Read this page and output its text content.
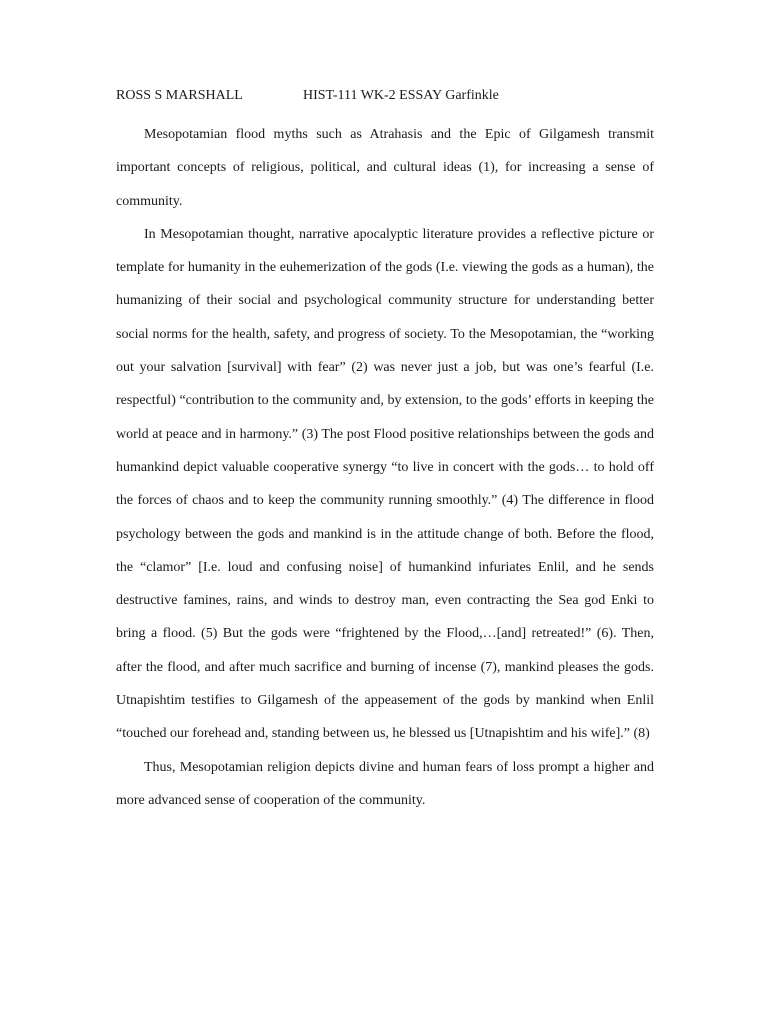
ROSS S MARSHALL	HIST-111 WK-2 ESSAY Garfinkle

Mesopotamian flood myths such as Atrahasis and the Epic of Gilgamesh transmit important concepts of religious, political, and cultural ideas (1), for increasing a sense of community.

In Mesopotamian thought, narrative apocalyptic literature provides a reflective picture or template for humanity in the euhemerization of the gods (I.e. viewing the gods as a human), the humanizing of their social and psychological community structure for understanding better social norms for the health, safety, and progress of society. To the Mesopotamian, the “working out your salvation [survival] with fear” (2) was never just a job, but was one’s fearful (I.e. respectful) “contribution to the community and, by extension, to the gods’ efforts in keeping the world at peace and in harmony.” (3) The post Flood positive relationships between the gods and humankind depict valuable cooperative synergy “to live in concert with the gods… to hold off the forces of chaos and to keep the community running smoothly.” (4) The difference in flood psychology between the gods and mankind is in the attitude change of both. Before the flood, the “clamor” [I.e. loud and confusing noise] of humankind infuriates Enlil, and he sends destructive famines, rains, and winds to destroy man, even contracting the Sea god Enki to bring a flood. (5) But the gods were “frightened by the Flood,…[and] retreated!” (6). Then, after the flood, and after much sacrifice and burning of incense (7), mankind pleases the gods. Utnapishtim testifies to Gilgamesh of the appeasement of the gods by mankind when Enlil “touched our forehead and, standing between us, he blessed us [Utnapishtim and his wife].” (8)

Thus, Mesopotamian religion depicts divine and human fears of loss prompt a higher and more advanced sense of cooperation of the community.
